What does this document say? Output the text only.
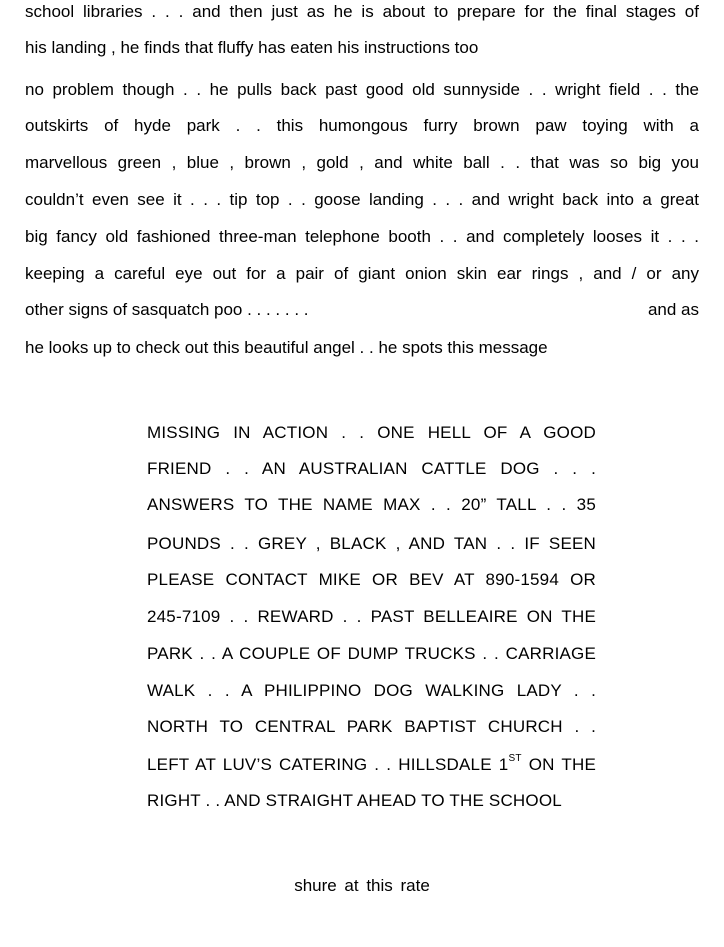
school libraries . . . and then just as he is about to prepare for the final stages of
his landing , he finds that fluffy has eaten his instructions too
no problem though . . he pulls back past good old sunnyside . . wright field . . the
outskirts of hyde park . . this humongous furry brown paw toying with a
marvellous green , blue , brown , gold , and white ball . . that was so big you
couldn’t even see it . . . tip top . . goose landing . . . and wright back into a great
big fancy old fashioned three-man telephone booth . . and completely looses it . . .
keeping a careful eye out for a pair of giant onion skin ear rings , and / or any
other signs of sasquatch poo . . . . . . .	and as
he looks up to check out this beautiful angel . . he spots this message
MISSING IN ACTION . . ONE HELL OF A GOOD
FRIEND . . AN AUSTRALIAN CATTLE DOG . . .
ANSWERS TO THE NAME MAX . . 20” TALL . . 35
POUNDS . . GREY , BLACK , AND TAN . . IF SEEN
PLEASE CONTACT MIKE OR BEV AT 890-1594 OR
245-7109 . . REWARD . . PAST BELLEAIRE ON THE
PARK . . A COUPLE OF DUMP TRUCKS . . CARRIAGE
WALK . . A PHILIPPINO DOG WALKING LADY . .
NORTH TO CENTRAL PARK BAPTIST CHURCH . .
LEFT AT LUV’S CATERING . . HILLSDALE 1ST ON THE
RIGHT . . AND STRAIGHT AHEAD TO THE SCHOOL
shure at this rate
